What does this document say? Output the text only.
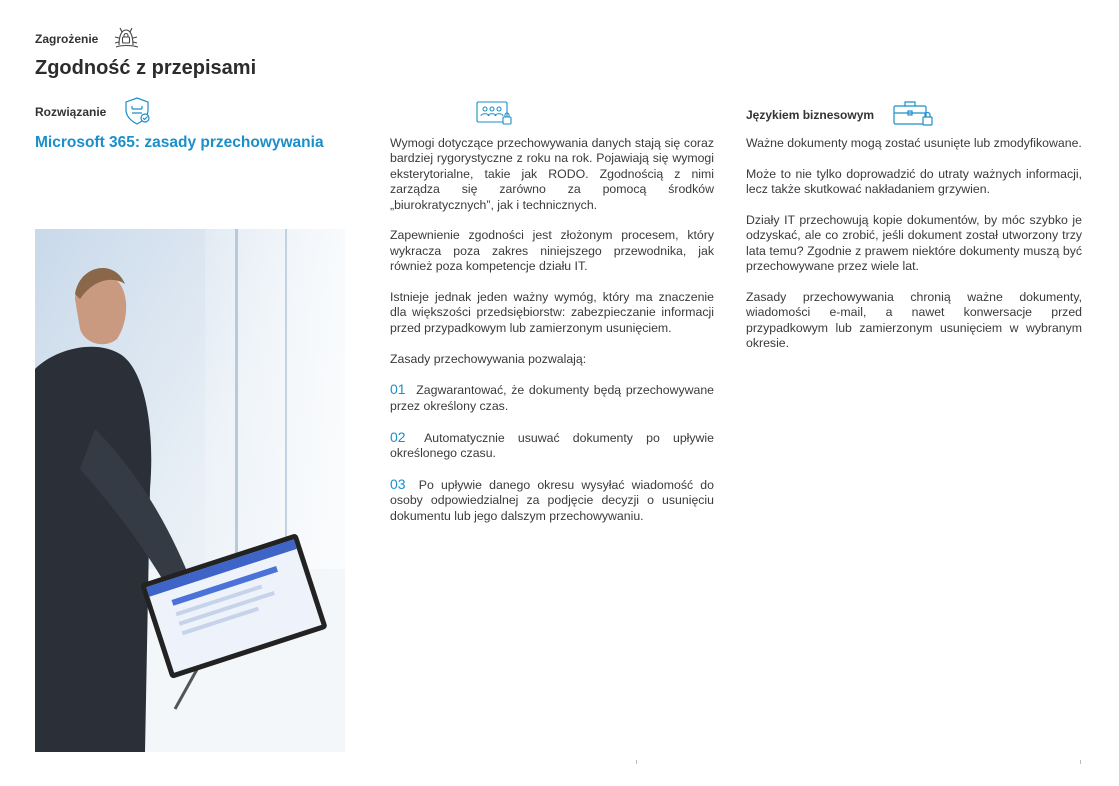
Zagrożenie
Zgodność z przepisami
Rozwiązanie
Microsoft 365: zasady przechowywania	Wymogi dotyczące przechowywania danych stają się coraz bardziej rygorystyczne z roku na rok. Pojawiają się wymogi eksterytorialne, takie jak RODO. Zgodnością z nimi zarządza się zarówno za pomocą środków „biurokratycznych”, jak i technicznych.

Zapewnienie zgodności jest złożonym procesem, który wykracza poza zakres niniejszego przewodnika, jak również poza kompetencje działu IT.

Istnieje jednak jeden ważny wymóg, który ma znaczenie dla większości przedsiębiorstw: zabezpieczanie informacji przed przypadkowym lub zamierzonym usunięciem.

Zasady przechowywania pozwalają:

01 Zagwarantować, że dokumenty będą przechowywane przez określony czas.
02 Automatycznie usuwać dokumenty po upływie określonego czasu.
03 Po upływie danego okresu wysyłać wiadomość do osoby odpowiedzialnej za podjęcie decyzji o usunięciu dokumentu lub jego dalszym przechowywaniu.
Językiem biznesowym

Ważne dokumenty mogą zostać usunięte lub zmodyfikowane.

Może to nie tylko doprowadzić do utraty ważnych informacji, lecz także skutkować nakładaniem grzywien.

Działy IT przechowują kopie dokumentów, by móc szybko je odzyskać, ale co zrobić, jeśli dokument został utworzony trzy lata temu? Zgodnie z prawem niektóre dokumenty muszą być przechowywane przez wiele lat.

Zasady przechowywania chronią ważne dokumenty, wiadomości e-mail, a nawet konwersacje przed przypadkowym lub zamierzonym usunięciem w wybranym okresie.
